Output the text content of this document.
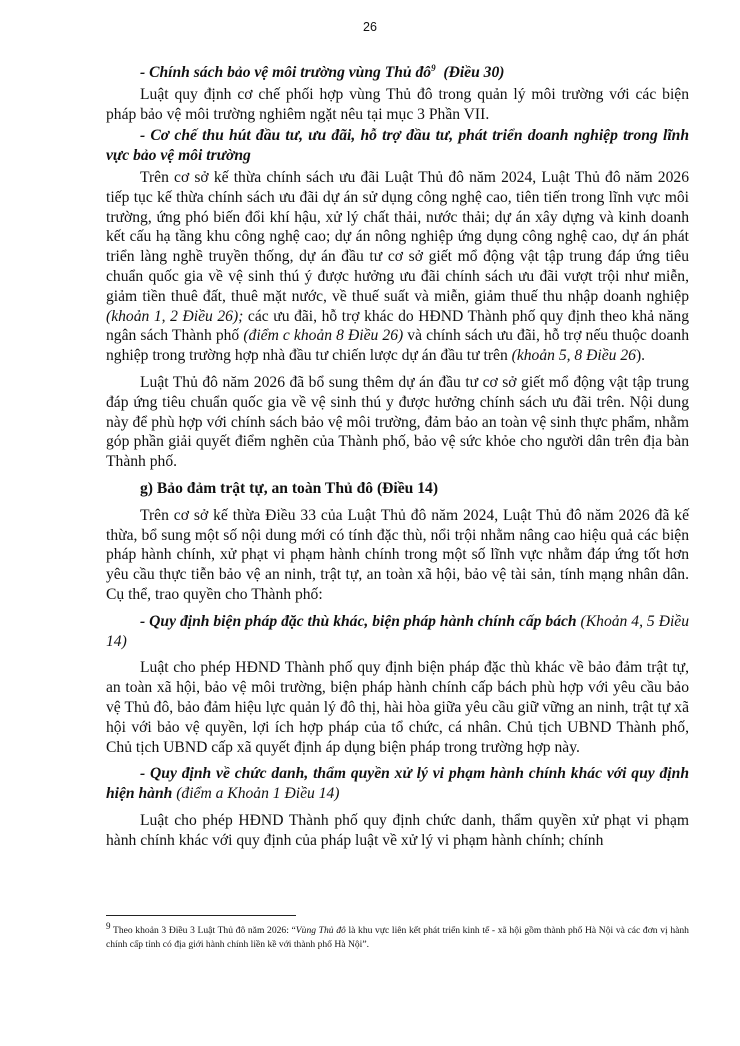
26

- Chính sách bảo vệ môi trường vùng Thủ $đô^9$ (Điều 30)

Luật quy định cơ chế phối hợp vùng Thủ đô trong quản lý môi trường với các biện pháp bảo vệ môi trường nghiêm ngặt nêu tại mục 3 Phần VII.

- Cơ chế thu hút đầu tư, ưu đãi, hỗ trợ đầu tư, phát triển doanh nghiệp trong lĩnh vực bảo vệ môi trường

Trên cơ sở kế thừa chính sách ưu đãi Luật Thủ đô năm 2024, Luật Thủ đô năm 2026 tiếp tục kế thừa chính sách ưu đãi dự án sử dụng công nghệ cao, tiên tiến trong lĩnh vực môi trường, ứng phó biến đổi khí hậu, xử lý chất thải, nước thải; dự án xây dựng và kinh doanh kết cấu hạ tầng khu công nghệ cao; dự án nông nghiệp ứng dụng công nghệ cao, dự án phát triển làng nghề truyền thống, dự án đầu tư cơ sở giết mổ động vật tập trung đáp ứng tiêu chuẩn quốc gia về vệ sinh thú ý được hưởng ưu đãi chính sách ưu đãi vượt trội như miễn, giảm tiền thuê đất, thuê mặt nước, về thuế suất và miễn, giảm thuế thu nhập doanh nghiệp (khoản 1, 2 Điều 26); các ưu đãi, hỗ trợ khác do HĐND Thành phố quy định theo khả năng ngân sách Thành phố (điểm c khoản 8 Điều 26) và chính sách ưu đãi, hỗ trợ nếu thuộc doanh nghiệp trong trường hợp nhà đầu tư chiến lược dự án đầu tư trên (khoản 5, 8 Điều 26).

Luật Thủ đô năm 2026 đã bổ sung thêm dự án đầu tư cơ sở giết mổ động vật tập trung đáp ứng tiêu chuẩn quốc gia về vệ sinh thú y được hưởng chính sách ưu đãi trên. Nội dung này để phù hợp với chính sách bảo vệ môi trường, đảm bảo an toàn vệ sinh thực phẩm, nhằm góp phần giải quyết điểm nghẽn của Thành phố, bảo vệ sức khỏe cho người dân trên địa bàn Thành phố.

g) Bảo đảm trật tự, an toàn Thủ đô (Điều 14)

Trên cơ sở kế thừa Điều 33 của Luật Thủ đô năm 2024, Luật Thủ đô năm 2026 đã kế thừa, bổ sung một số nội dung mới có tính đặc thù, nổi trội nhằm nâng cao hiệu quả các biện pháp hành chính, xử phạt vi phạm hành chính trong một số lĩnh vực nhằm đáp ứng tốt hơn yêu cầu thực tiễn bảo vệ an ninh, trật tự, an toàn xã hội, bảo vệ tài sản, tính mạng nhân dân. Cụ thể, trao quyền cho Thành phố:

- Quy định biện pháp đặc thù khác, biện pháp hành chính cấp bách (Khoản 4, 5 Điều 14)

Luật cho phép HĐND Thành phố quy định biện pháp đặc thù khác về bảo đảm trật tự, an toàn xã hội, bảo vệ môi trường, biện pháp hành chính cấp bách phù hợp với yêu cầu bảo vệ Thủ đô, bảo đảm hiệu lực quản lý đô thị, hài hòa giữa yêu cầu giữ vững an ninh, trật tự xã hội với bảo vệ quyền, lợi ích hợp pháp của tổ chức, cá nhân. Chủ tịch UBND Thành phố, Chủ tịch UBND cấp xã quyết định áp dụng biện pháp trong trường hợp này.

- Quy định về chức danh, thẩm quyền xử lý vi phạm hành chính khác với quy định hiện hành (điểm a Khoản 1 Điều 14)

Luật cho phép HĐND Thành phố quy định chức danh, thẩm quyền xử phạt vi phạm hành chính khác với quy định của pháp luật về xử lý vi phạm hành chính; chính

$^9$ Theo khoản 3 Điều 3 Luật Thủ đô năm 2026: “Vùng Thủ đô là khu vực liên kết phát triển kinh tế - xã hội gồm thành phố Hà Nội và các đơn vị hành chính cấp tỉnh có địa giới hành chính liền kề với thành phố Hà Nội”.
